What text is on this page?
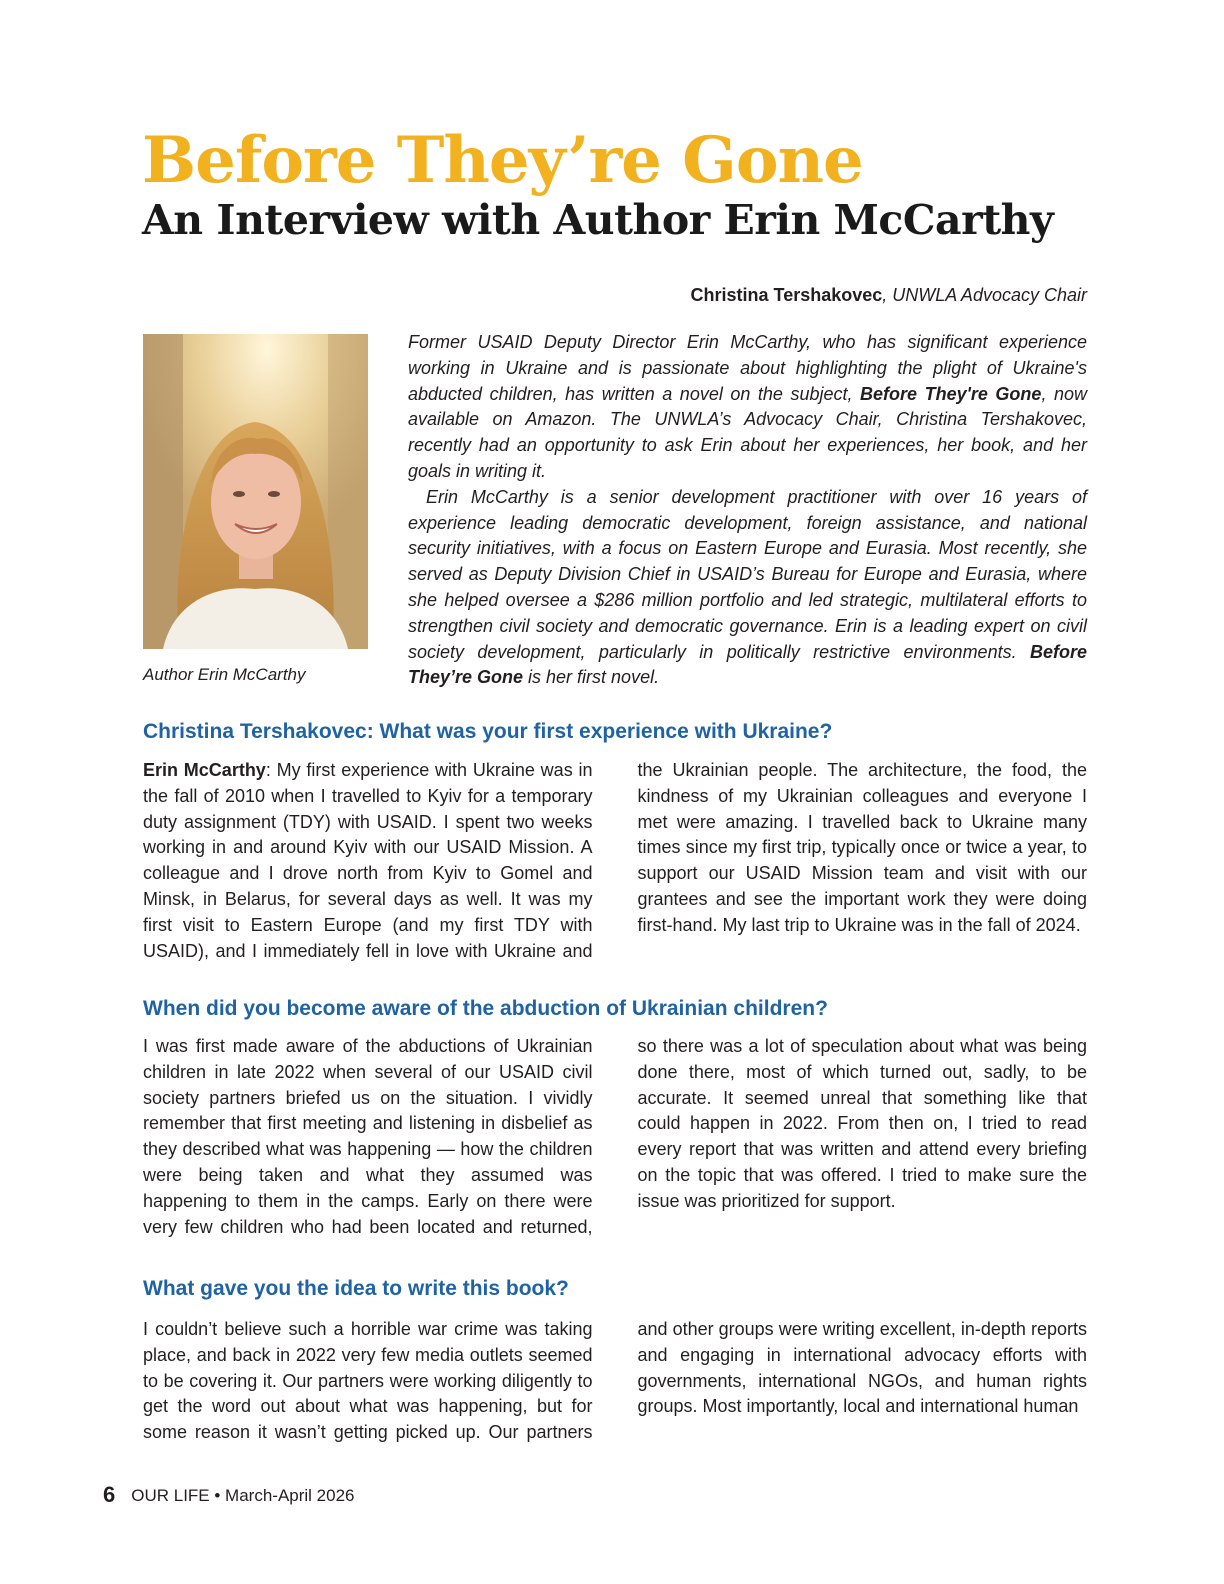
Before They’re Gone
An Interview with Author Erin McCarthy
Christina Tershakovec, UNWLA Advocacy Chair
Author Erin McCarthy

Former USAID Deputy Director Erin McCarthy, who has significant experience working in Ukraine and is passionate about highlighting the plight of Ukraine's abducted children, has written a novel on the subject, Before They're Gone, now available on Amazon. The UNWLA’s Advocacy Chair, Christina Tershakovec, recently had an opportunity to ask Erin about her experiences, her book, and her goals in writing it.

Erin McCarthy is a senior development practitioner with over 16 years of experience leading democratic development, foreign assistance, and national security initiatives, with a focus on Eastern Europe and Eurasia. Most recently, she served as Deputy Division Chief in USAID’s Bureau for Europe and Eurasia, where she helped oversee a $286 million portfolio and led strategic, multilateral efforts to strengthen civil society and democratic governance. Erin is a leading expert on civil society development, particularly in politically restrictive environments. Before They’re Gone is her first novel.

Christina Tershakovec: What was your first experience with Ukraine?

Erin McCarthy: My first experience with Ukraine was in the fall of 2010 when I travelled to Kyiv for a temporary duty assignment (TDY) with USAID. I spent two weeks working in and around Kyiv with our USAID Mission. A colleague and I drove north from Kyiv to Gomel and Minsk, in Belarus, for several days as well. It was my first visit to Eastern Europe (and my first TDY with USAID), and I immediately fell in love with Ukraine and the Ukrainian people. The architecture, the food, the kindness of my Ukrainian colleagues and everyone I met were amazing. I travelled back to Ukraine many times since my first trip, typically once or twice a year, to support our USAID Mission team and visit with our grantees and see the important work they were doing first-hand. My last trip to Ukraine was in the fall of 2024.

When did you become aware of the abduction of Ukrainian children?

I was first made aware of the abductions of Ukrainian children in late 2022 when several of our USAID civil society partners briefed us on the situation. I vividly remember that first meeting and listening in disbelief as they described what was happening — how the children were being taken and what they assumed was happening to them in the camps. Early on there were very few children who had been located and returned, so there was a lot of speculation about what was being done there, most of which turned out, sadly, to be accurate. It seemed unreal that something like that could happen in 2022. From then on, I tried to read every report that was written and attend every briefing on the topic that was offered. I tried to make sure the issue was prioritized for support.

What gave you the idea to write this book?

I couldn’t believe such a horrible war crime was taking place, and back in 2022 very few media outlets seemed to be covering it. Our partners were working diligently to get the word out about what was happening, but for some reason it wasn’t getting picked up. Our partners and other groups were writing excellent, in-depth reports and engaging in international advocacy efforts with governments, international NGOs, and human rights groups. Most importantly, local and international human

6 OUR LIFE • March-April 2026
